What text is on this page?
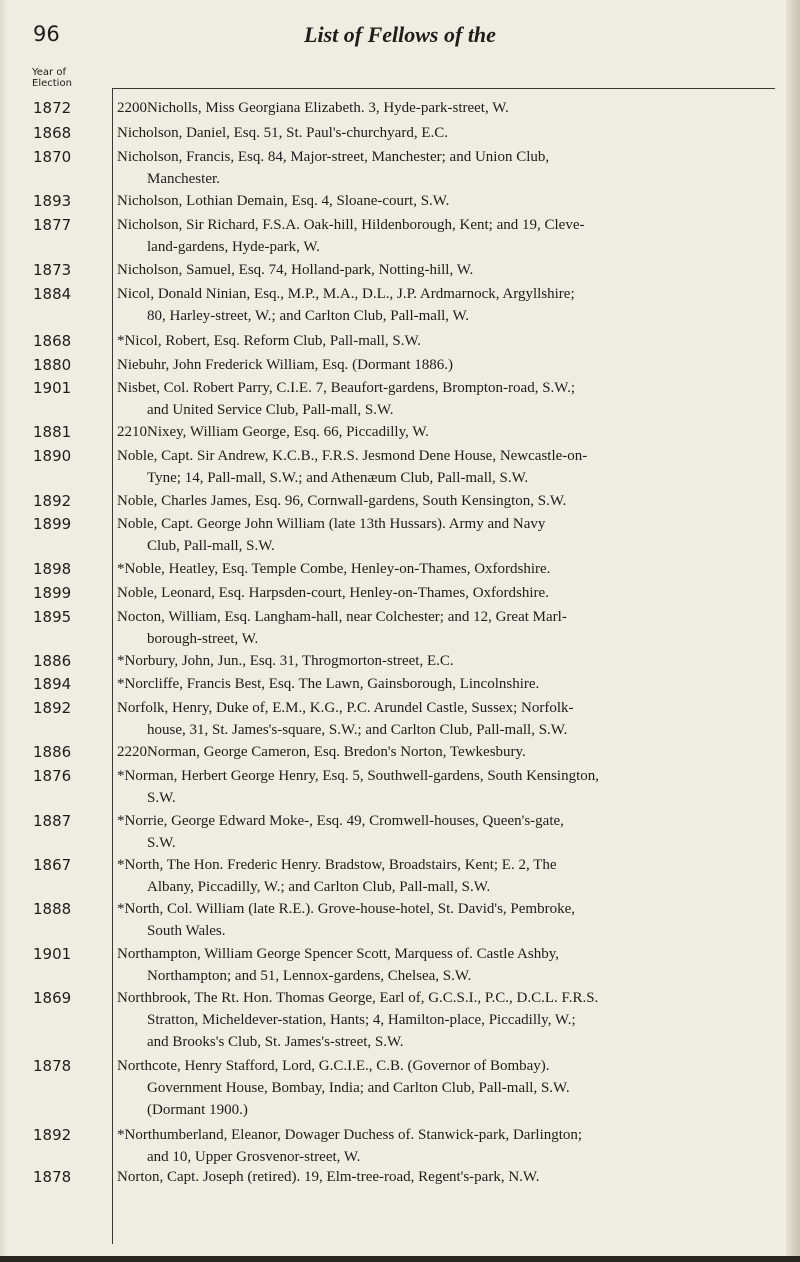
96	List of Fellows of the
Year of Election
1872	2200Nicholls, Miss Georgiana Elizabeth. 3, Hyde-park-street, W.
1868	Nicholson, Daniel, Esq. 51, St. Paul's-churchyard, E.C.
1870	Nicholson, Francis, Esq. 84, Major-street, Manchester; and Union Club,
Manchester.
1893	Nicholson, Lothian Demain, Esq. 4, Sloane-court, S.W.
1877	Nicholson, Sir Richard, F.S.A. Oak-hill, Hildenborough, Kent; and 19, Cleve-
land-gardens, Hyde-park, W.
1873	Nicholson, Samuel, Esq. 74, Holland-park, Notting-hill, W.
1884	Nicol, Donald Ninian, Esq., M.P., M.A., D.L., J.P. Ardmarnock, Argyllshire;
80, Harley-street, W.; and Carlton Club, Pall-mall, W.
1868	*Nicol, Robert, Esq. Reform Club, Pall-mall, S.W.
1880	Niebuhr, John Frederick William, Esq. (Dormant 1886.)
1901	Nisbet, Col. Robert Parry, C.I.E. 7, Beaufort-gardens, Brompton-road, S.W.;
and United Service Club, Pall-mall, S.W.
1881	2210Nixey, William George, Esq. 66, Piccadilly, W.
1890	Noble, Capt. Sir Andrew, K.C.B., F.R.S. Jesmond Dene House, Newcastle-on-
Tyne; 14, Pall-mall, S.W.; and Athenæum Club, Pall-mall, S.W.
1892	Noble, Charles James, Esq. 96, Cornwall-gardens, South Kensington, S.W.
1899	Noble, Capt. George John William (late 13th Hussars). Army and Navy
Club, Pall-mall, S.W.
1898	*Noble, Heatley, Esq. Temple Combe, Henley-on-Thames, Oxfordshire.
1899	Noble, Leonard, Esq. Harpsden-court, Henley-on-Thames, Oxfordshire.
1895	Nocton, William, Esq. Langham-hall, near Colchester; and 12, Great Marl-
borough-street, W.
1886	*Norbury, John, Jun., Esq. 31, Throgmorton-street, E.C.
1894	*Norcliffe, Francis Best, Esq. The Lawn, Gainsborough, Lincolnshire.
1892	Norfolk, Henry, Duke of, E.M., K.G., P.C. Arundel Castle, Sussex; Norfolk-
house, 31, St. James's-square, S.W.; and Carlton Club, Pall-mall, S.W.
1886	2220Norman, George Cameron, Esq. Bredon's Norton, Tewkesbury.
1876	*Norman, Herbert George Henry, Esq. 5, Southwell-gardens, South Kensington,
S.W.
1887	*Norrie, George Edward Moke-, Esq. 49, Cromwell-houses, Queen's-gate,
S.W.
1867	*North, The Hon. Frederic Henry. Bradstow, Broadstairs, Kent; E. 2, The
Albany, Piccadilly, W.; and Carlton Club, Pall-mall, S.W.
1888	*North, Col. William (late R.E.). Grove-house-hotel, St. David's, Pembroke,
South Wales.
1901	Northampton, William George Spencer Scott, Marquess of. Castle Ashby,
Northampton; and 51, Lennox-gardens, Chelsea, S.W.
1869	Northbrook, The Rt. Hon. Thomas George, Earl of, G.C.S.I., P.C., D.C.L. F.R.S.
Stratton, Micheldever-station, Hants; 4, Hamilton-place, Piccadilly, W.;
and Brooks's Club, St. James's-street, S.W.
1878	Northcote, Henry Stafford, Lord, G.C.I.E., C.B. (Governor of Bombay).
Government House, Bombay, India; and Carlton Club, Pall-mall, S.W.
(Dormant 1900.)
1892	*Northumberland, Eleanor, Dowager Duchess of. Stanwick-park, Darlington;
and 10, Upper Grosvenor-street, W.
1878	Norton, Capt. Joseph (retired). 19, Elm-tree-road, Regent's-park, N.W.
